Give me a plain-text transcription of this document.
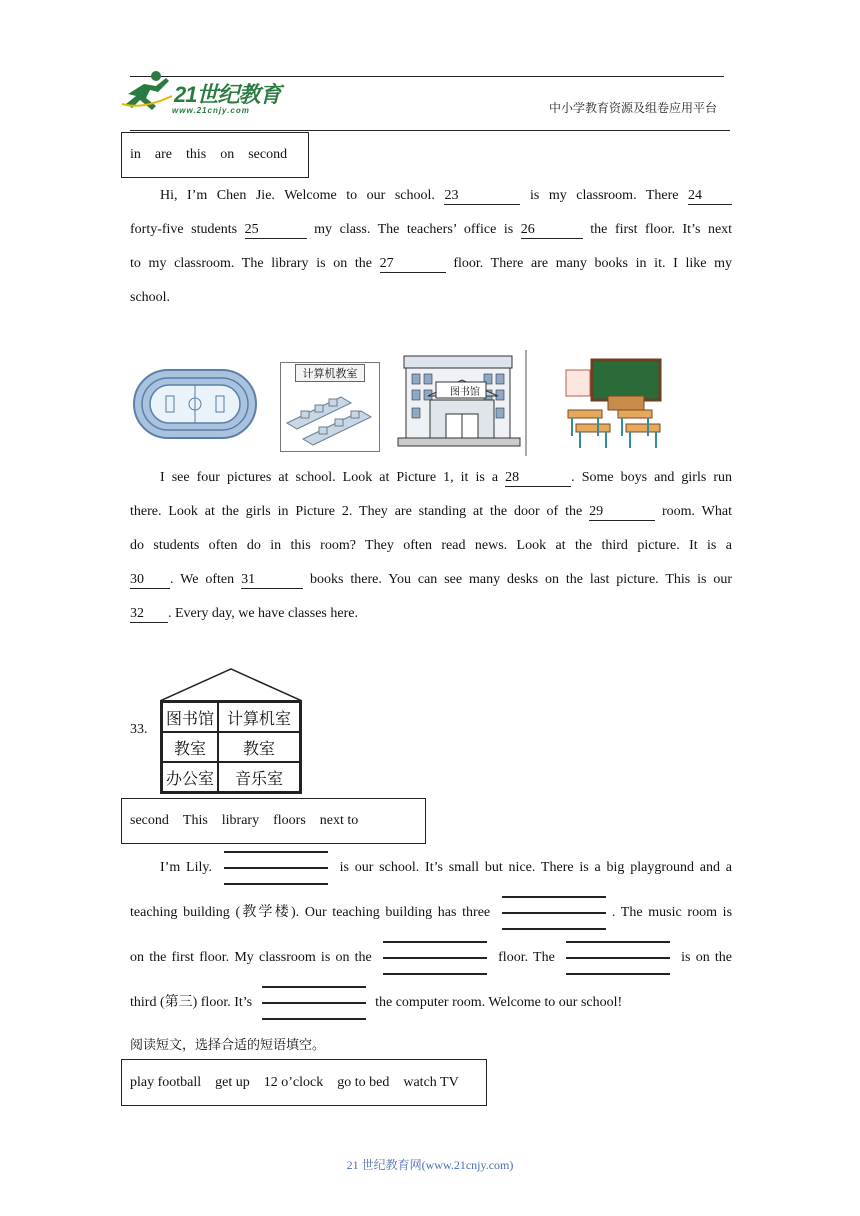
21世纪教育
www.21cnjy.com	中小学教育资源及组卷应用平台
in are this on second
Hi, I’m Chen Jie. Welcome to our school. 23	is my classroom. There 24
forty-five students 25	my class. The teachers’ office is 26	the first floor. It’s next
to my classroom. The library is on the 27	floor. There are many books in it. I like my
school.
计算机教室
图书馆
I see four pictures at school. Look at Picture 1, it is a 28	. Some boys and girls run
there. Look at the girls in Picture 2. They are standing at the door of the 29	room. What
do students often do in this room? They often read news. Look at the third picture. It is a
30 . We often 31	books there. You can see many desks on the last picture. This is our
32 . Every day, we have classes here.
33.
图书馆 计算机室
教室	教室
办公室	音乐室
second This library floors next to
I’m Lily.	is our school. It’s small but nice. There is a big playground and a
teaching building (教学楼). Our teaching building has three	. The music room is
on the first floor. My classroom is on the	floor. The	is on the
third (第三) floor. It’s	the computer room. Welcome to our school!
阅读短文，选择合适的短语填空。
play football get up 12 o’clock go to bed watch TV
21 世纪教育网(www.21cnjy.com)
